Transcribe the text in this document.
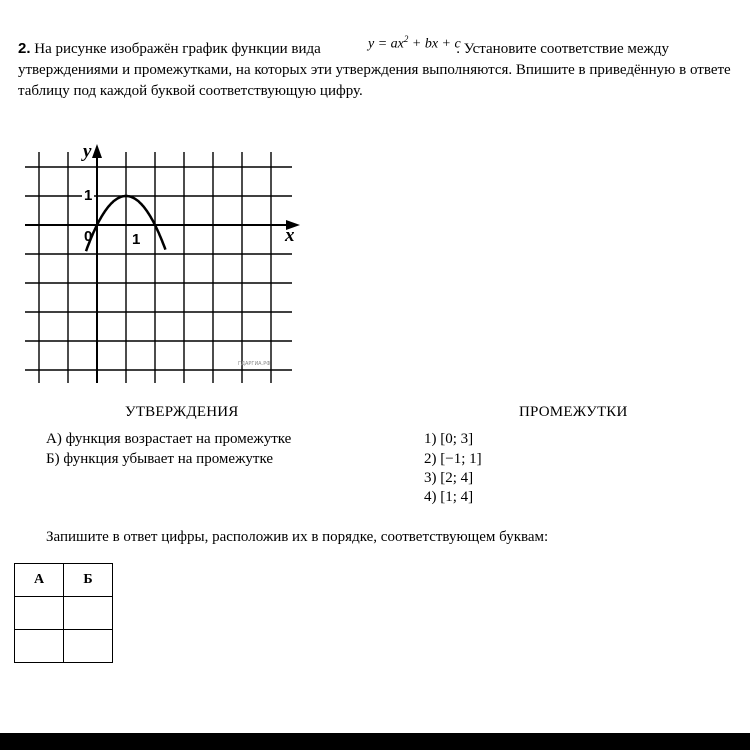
2. На рисунке изображён график функции вида	. Установите соответствие между утверждениями и промежутками, на которых эти утверждения выполняются. Впишите в приведённую в ответе таблицу под каждой буквой соответствующую цифру.
$y = ax^2$ + bx + c
y
x
0	1
1
ГДАРГИА.РФ
УТВЕРЖДЕНИЯ	ПРОМЕЖУТКИ
А) функция возрастает на промежутке
Б) функция убывает на промежутке
1) [0; 3]
2) [−1; 1]
3) [2; 4]
4) [1; 4]
Запишите в ответ цифры, расположив их в порядке, соответствующем буквам:
А	Б
